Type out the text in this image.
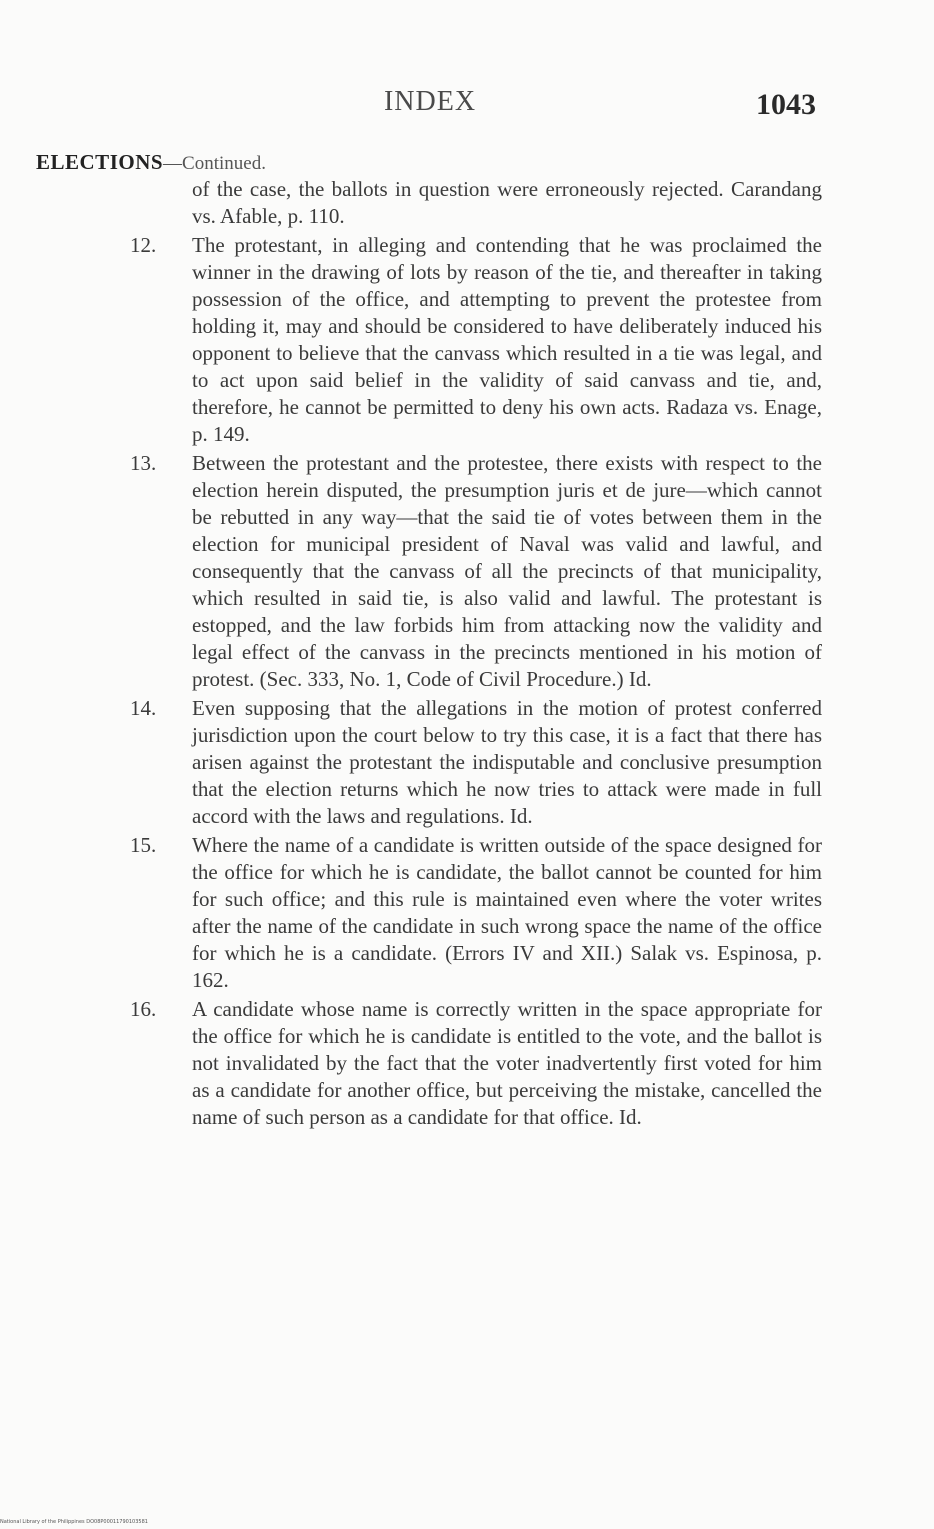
INDEX	1043
ELECTIONS—Continued.

of the case, the ballots in question were erroneously rejected. Carandang vs. Afable, p. 110.

12. The protestant, in alleging and contending that he was proclaimed the winner in the drawing of lots by reason of the tie, and thereafter in taking possession of the office, and attempting to prevent the protestee from holding it, may and should be considered to have deliberately induced his opponent to believe that the canvass which resulted in a tie was legal, and to act upon said belief in the validity of said canvass and tie, and, therefore, he cannot be permitted to deny his own acts. Radaza vs. Enage, p. 149.

13. Between the protestant and the protestee, there exists with respect to the election herein disputed, the presumption juris et de jure—which cannot be rebutted in any way—that the said tie of votes between them in the election for municipal president of Naval was valid and lawful, and consequently that the canvass of all the precincts of that municipality, which resulted in said tie, is also valid and lawful. The protestant is estopped, and the law forbids him from attacking now the validity and legal effect of the canvass in the precincts mentioned in his motion of protest. (Sec. 333, No. 1, Code of Civil Procedure.) Id.

14. Even supposing that the allegations in the motion of protest conferred jurisdiction upon the court below to try this case, it is a fact that there has arisen against the protestant the indisputable and conclusive presumption that the election returns which he now tries to attack were made in full accord with the laws and regulations. Id.

15. Where the name of a candidate is written outside of the space designed for the office for which he is candidate, the ballot cannot be counted for him for such office; and this rule is maintained even where the voter writes after the name of the candidate in such wrong space the name of the office for which he is a candidate. (Errors IV and XII.) Salak vs. Espinosa, p. 162.

16. A candidate whose name is correctly written in the space appropriate for the office for which he is candidate is entitled to the vote, and the ballot is not invalidated by the fact that the voter inadvertently first voted for him as a candidate for another office, but perceiving the mistake, cancelled the name of such person as a candidate for that office. Id.

National Library of the Philippines DO08P00011790103581
